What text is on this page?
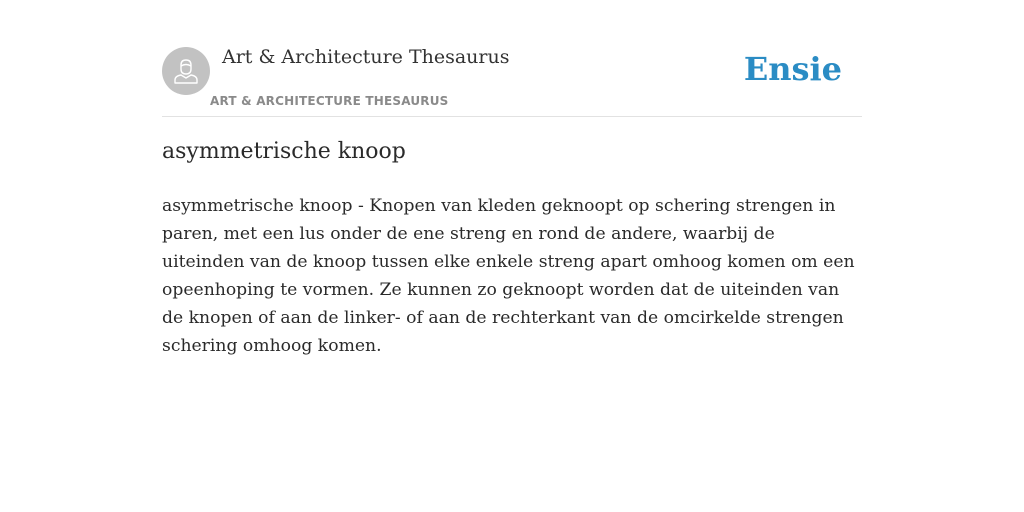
Art & Architecture Thesaurus
ART & ARCHITECTURE THESAURUS
Ensie
asymmetrische knoop

asymmetrische knoop - Knopen van kleden geknoopt op schering strengen in paren, met een lus onder de ene streng en rond de andere, waarbij de uiteinden van de knoop tussen elke enkele streng apart omhoog komen om een opeenhoping te vormen. Ze kunnen zo geknoopt worden dat de uiteinden van de knopen of aan de linker- of aan de rechterkant van de omcirkelde strengen schering omhoog komen.
